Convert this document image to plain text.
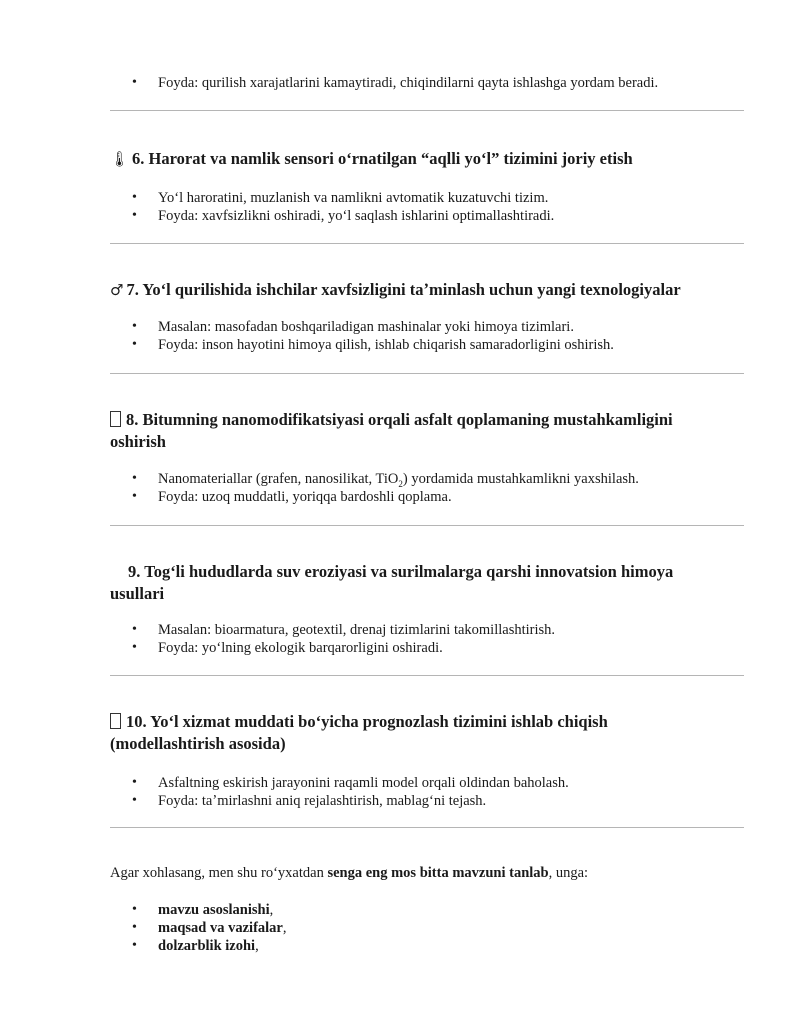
• Foyda: qurilish xarajatlarini kamaytiradi, chiqindilarni qayta ishlashga yordam beradi.
🌡 6. Harorat va namlik sensori oʻrnatilgan “aqlli yoʻl” tizimini joriy etish
• Yoʻl haroratini, muzlanish va namlikni avtomatik kuzatuvchi tizim.
• Foyda: xavfsizlikni oshiradi, yoʻl saqlash ishlarini optimallashtiradi.
♂ 7. Yoʻl qurilishida ishchilar xavfsizligini taʼminlash uchun yangi texnologiyalar
• Masalan: masofadan boshqariladigan mashinalar yoki himoya tizimlari.
• Foyda: inson hayotini himoya qilish, ishlab chiqarish samaradorligini oshirish.
8. Bitumning nanomodifikatsiyasi orqali asfalt qoplamaning mustahkamligini
oshirish
• Nanomateriallar (grafen, nanosilikat, TiO$_2$) yordamida mustahkamlikni yaxshilash.
• Foyda: uzoq muddatli, yoriqqa bardoshli qoplama.
9. Togʻli hududlarda suv eroziyasi va surilmalarga qarshi innovatsion himoya
usullari
• Masalan: bioarmatura, geotextil, drenaj tizimlarini takomillashtirish.
• Foyda: yoʻlning ekologik barqarorligini oshiradi.
10. Yoʻl xizmat muddati boʻyicha prognozlash tizimini ishlab chiqish
(modellashtirish asosida)
• Asfaltning eskirish jarayonini raqamli model orqali oldindan baholash.
• Foyda: taʼmirlashni aniq rejalashtirish, mablagʻni tejash.
Agar xohlasang, men shu roʻyxatdan senga eng mos bitta mavzuni tanlab, unga:
• mavzu asoslanishi,
• maqsad va vazifalar,
• dolzarblik izohi,
